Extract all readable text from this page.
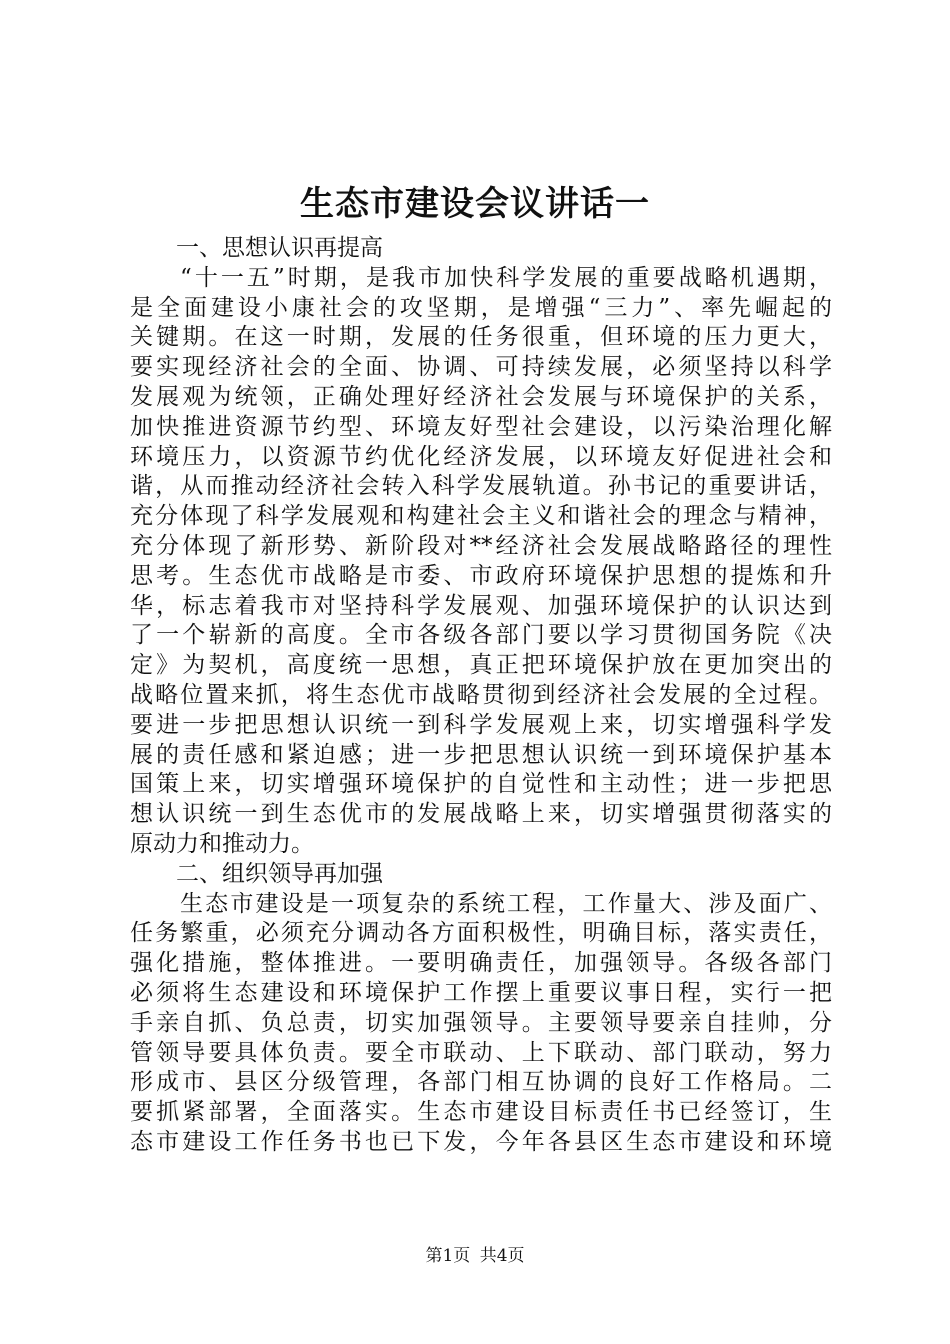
生态市建设会议讲话一
一、思想认识再提高
“十一五”时期，是我市加快科学发展的重要战略机遇期，
是全面建设小康社会的攻坚期，是增强“三力”、率先崛起的
关键期。在这一时期，发展的任务很重，但环境的压力更大，
要实现经济社会的全面、协调、可持续发展，必须坚持以科学
发展观为统领，正确处理好经济社会发展与环境保护的关系，
加快推进资源节约型、环境友好型社会建设，以污染治理化解
环境压力，以资源节约优化经济发展，以环境友好促进社会和
谐，从而推动经济社会转入科学发展轨道。孙书记的重要讲话，
充分体现了科学发展观和构建社会主义和谐社会的理念与精神，
充分体现了新形势、新阶段对**经济社会发展战略路径的理性
思考。生态优市战略是市委、市政府环境保护思想的提炼和升
华，标志着我市对坚持科学发展观、加强环境保护的认识达到
了一个崭新的高度。全市各级各部门要以学习贯彻国务院《决
定》为契机，高度统一思想，真正把环境保护放在更加突出的
战略位置来抓，将生态优市战略贯彻到经济社会发展的全过程。
要进一步把思想认识统一到科学发展观上来，切实增强科学发
展的责任感和紧迫感；进一步把思想认识统一到环境保护基本
国策上来，切实增强环境保护的自觉性和主动性；进一步把思
想认识统一到生态优市的发展战略上来，切实增强贯彻落实的
原动力和推动力。
二、组织领导再加强
生态市建设是一项复杂的系统工程，工作量大、涉及面广、
任务繁重，必须充分调动各方面积极性，明确目标，落实责任，
强化措施，整体推进。一要明确责任，加强领导。各级各部门
必须将生态建设和环境保护工作摆上重要议事日程，实行一把
手亲自抓、负总责，切实加强领导。主要领导要亲自挂帅，分
管领导要具体负责。要全市联动、上下联动、部门联动，努力
形成市、县区分级管理，各部门相互协调的良好工作格局。二
要抓紧部署，全面落实。生态市建设目标责任书已经签订，生
态市建设工作任务书也已下发，今年各县区生态市建设和环境
第1页 共4页
